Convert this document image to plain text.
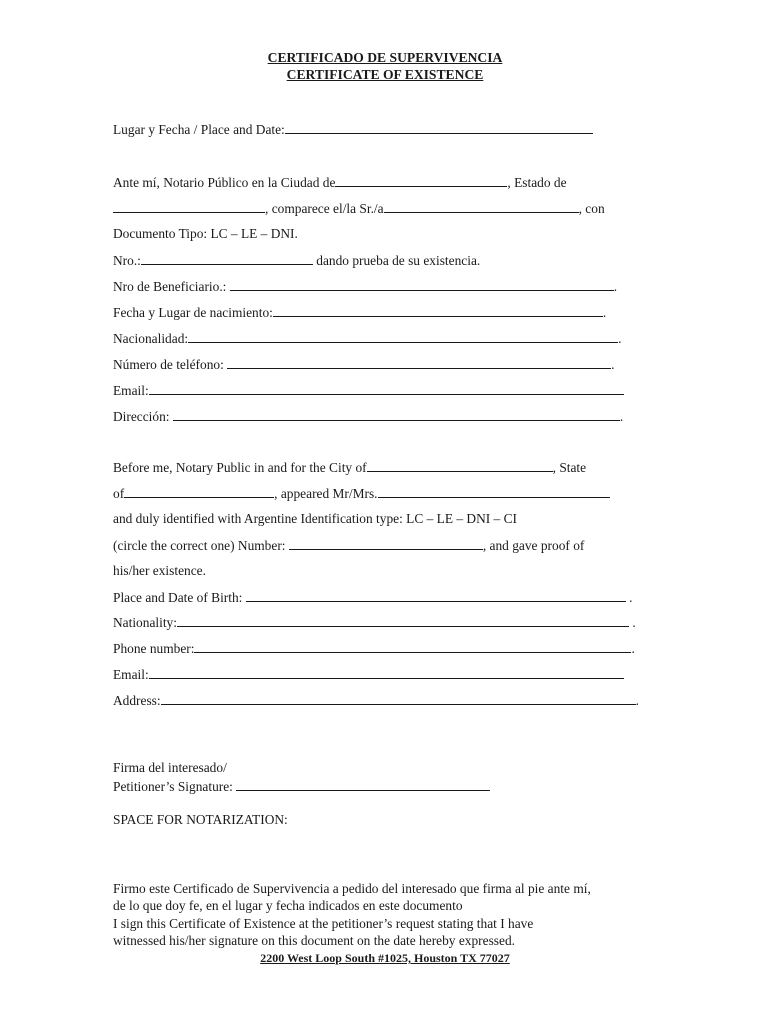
CERTIFICADO DE SUPERVIVENCIA
CERTIFICATE OF EXISTENCE
Lugar y Fecha / Place and Date:
Ante mí, Notario Público en la Ciudad de	, Estado de
, comparece el/la Sr./a	, con
Documento Tipo: LC – LE – DNI.
Nro.:	dando prueba de su existencia.
Nro de Beneficiario.:	.
Fecha y Lugar de nacimiento:	.
Nacionalidad:	.
Número de teléfono:	.
Email:
Dirección:	.
Before me, Notary Public in and for the City of	, State
of	, appeared Mr/Mrs.
and duly identified with Argentine Identification type: LC – LE – DNI – CI
(circle the correct one) Number:	, and gave proof of
his/her existence.
Place and Date of Birth:	.
Nationality:	.
Phone number:	.
Email:
Address:	.
Firma del interesado/
Petitioner’s Signature:
SPACE FOR NOTARIZATION:
Firmo este Certificado de Supervivencia a pedido del interesado que firma al pie ante mí,
de lo que doy fe, en el lugar y fecha indicados en este documento
I sign this Certificate of Existence at the petitioner’s request stating that I have
witnessed his/her signature on this document on the date hereby expressed.
2200 West Loop South #1025, Houston TX 77027
